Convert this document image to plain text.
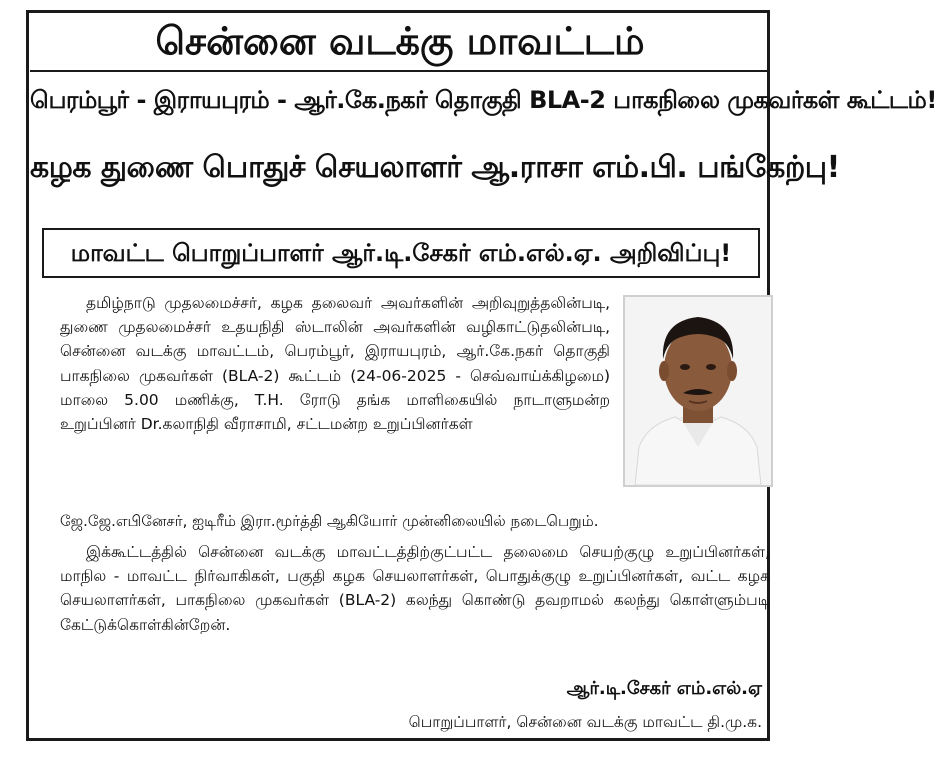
சென்னை வடக்கு மாவட்டம்
பெரம்பூர் - இராயபுரம் - ஆர்.கே.நகர் தொகுதி BLA-2 பாகநிலை முகவர்கள் கூட்டம்!
கழக துணை பொதுச் செயலாளர் ஆ.ராசா எம்.பி. பங்கேற்பு!
மாவட்ட பொறுப்பாளர் ஆர்.டி.சேகர் எம்.எல்.ஏ. அறிவிப்பு!
தமிழ்நாடு முதலமைச்சர், கழக தலைவர் அவர்களின் அறிவுறுத்தலின்படி, துணை முதலமைச்சர் உதயநிதி ஸ்டாலின் அவர்களின் வழிகாட்டுதலின்படி, சென்னை வடக்கு மாவட்டம், பெரம்பூர், இராயபுரம், ஆர்.கே.நகர் தொகுதி பாகநிலை முகவர்கள் (BLA-2) கூட்டம் (24-06-2025 - செவ்வாய்க்கிழமை) மாலை 5.00 மணிக்கு, T.H. ரோடு தங்க மாளிகையில் நாடாளுமன்ற உறுப்பினர் Dr.கலாநிதி வீராசாமி, சட்டமன்ற உறுப்பினர்கள்
ஜே.ஜே.எபினேசர், ஐடிரீம் இரா.மூர்த்தி ஆகியோர் முன்னிலையில் நடைபெறும்.
இக்கூட்டத்தில் சென்னை வடக்கு மாவட்டத்திற்குட்பட்ட தலைமை செயற்குழு உறுப்பினர்கள், மாநில - மாவட்ட நிர்வாகிகள், பகுதி கழக செயலாளர்கள், பொதுக்குழு உறுப்பினர்கள், வட்ட கழக செயலாளர்கள், பாகநிலை முகவர்கள் (BLA-2) கலந்து கொண்டு தவறாமல் கலந்து கொள்ளும்படி கேட்டுக்கொள்கின்றேன்.
ஆர்.டி.சேகர் எம்.எல்.ஏ
பொறுப்பாளர், சென்னை வடக்கு மாவட்ட தி.மு.க.
